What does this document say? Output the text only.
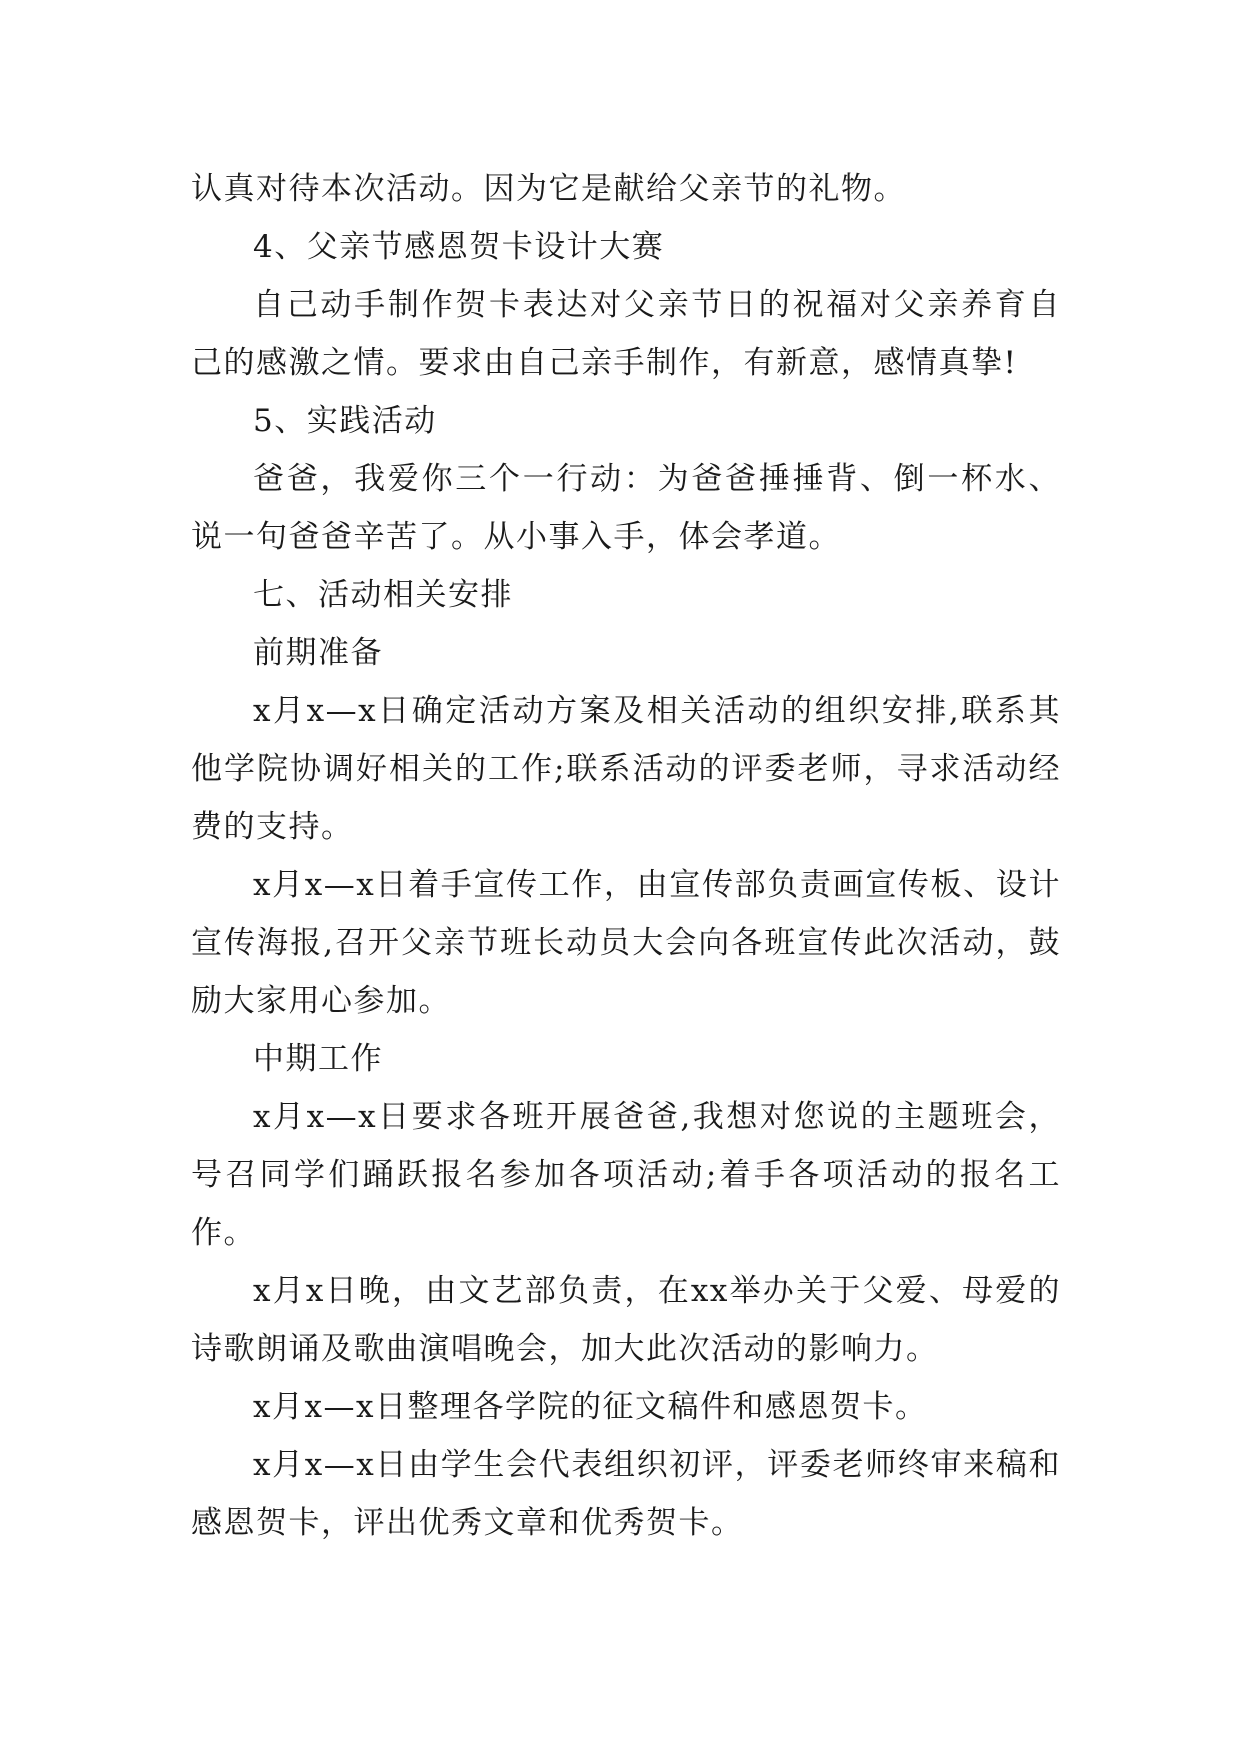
认真对待本次活动。因为它是献给父亲节的礼物。

4、父亲节感恩贺卡设计大赛

自己动手制作贺卡表达对父亲节日的祝福对父亲养育自己的感激之情。要求由自己亲手制作，有新意，感情真挚!

5、实践活动

爸爸，我爱你三个一行动：为爸爸捶捶背、倒一杯水、说一句爸爸辛苦了。从小事入手，体会孝道。

七、活动相关安排

前期准备

x月x—x日确定活动方案及相关活动的组织安排,联系其他学院协调好相关的工作;联系活动的评委老师，寻求活动经费的支持。

x月x—x日着手宣传工作，由宣传部负责画宣传板、设计宣传海报,召开父亲节班长动员大会向各班宣传此次活动，鼓励大家用心参加。

中期工作

x月x—x日要求各班开展爸爸,我想对您说的主题班会，号召同学们踊跃报名参加各项活动;着手各项活动的报名工作。

x月x日晚，由文艺部负责，在xx举办关于父爱、母爱的诗歌朗诵及歌曲演唱晚会，加大此次活动的影响力。

x月x—x日整理各学院的征文稿件和感恩贺卡。

x月x—x日由学生会代表组织初评，评委老师终审来稿和感恩贺卡，评出优秀文章和优秀贺卡。
